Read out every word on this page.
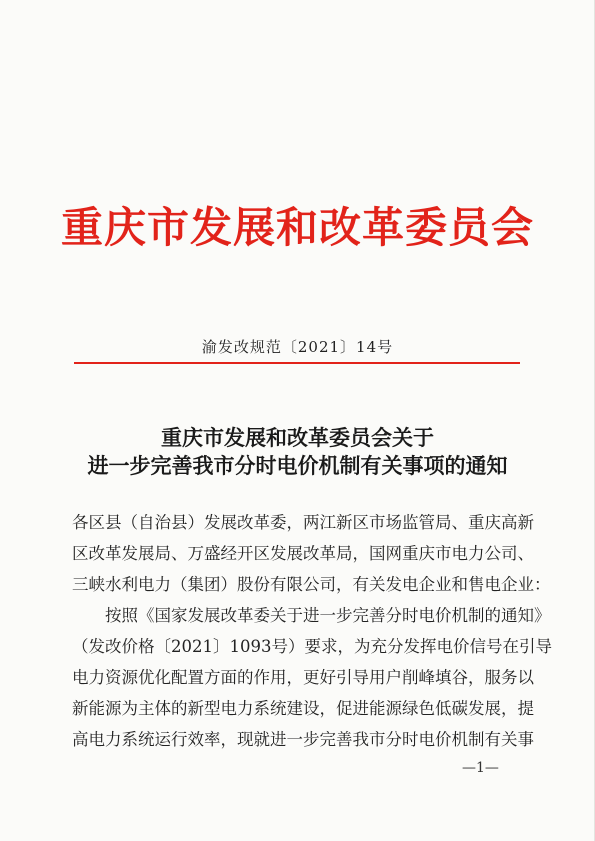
重庆市发展和改革委员会

渝发改规范〔2021〕14号

重庆市发展和改革委员会关于
进一步完善我市分时电价机制有关事项的通知

各区县（自治县）发展改革委，两江新区市场监管局、重庆高新

区改革发展局、万盛经开区发展改革局，国网重庆市电力公司、

三峡水利电力（集团）股份有限公司，有关发电企业和售电企业：

按照《国家发展改革委关于进一步完善分时电价机制的通知》

（发改价格〔2021〕1093号）要求，为充分发挥电价信号在引导

电力资源优化配置方面的作用，更好引导用户削峰填谷，服务以

新能源为主体的新型电力系统建设，促进能源绿色低碳发展，提

高电力系统运行效率，现就进一步完善我市分时电价机制有关事

—1—
